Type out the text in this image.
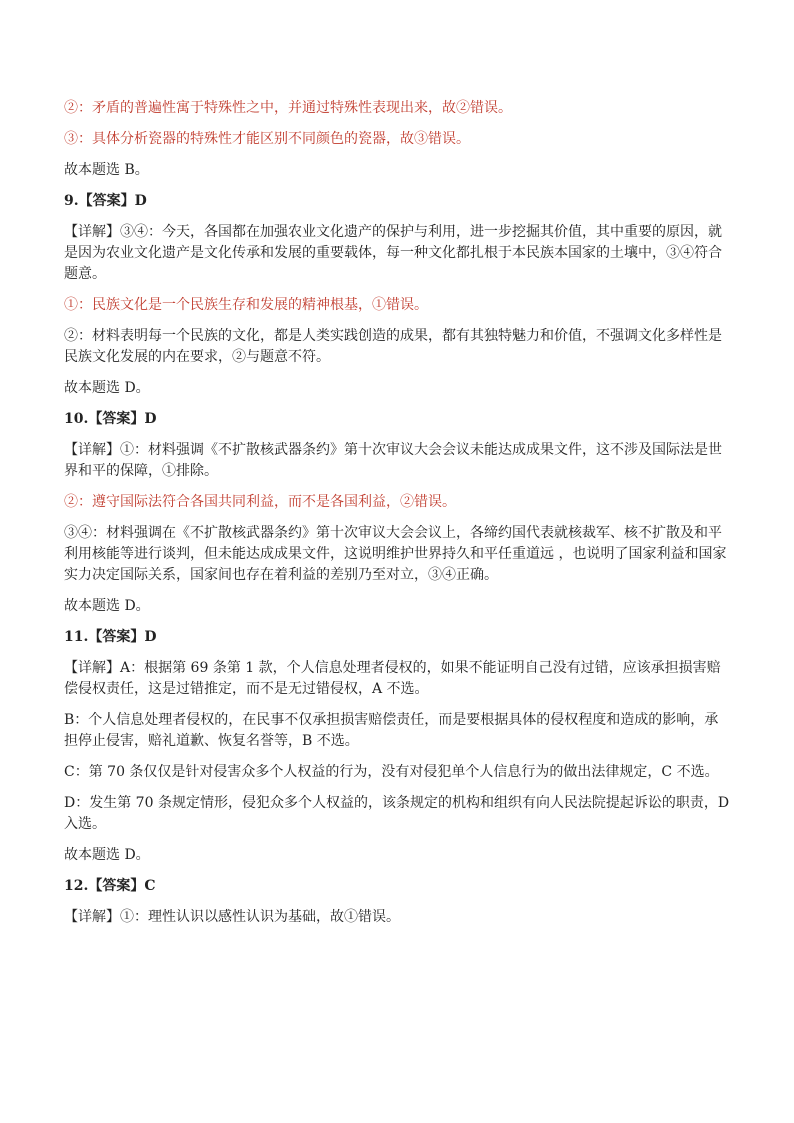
②：矛盾的普遍性寓于特殊性之中，并通过特殊性表现出来，故②错误。

③：具体分析瓷器的特殊性才能区别不同颜色的瓷器，故③错误。

故本题选 B。

9.【答案】D

【详解】③④：今天，各国都在加强农业文化遗产的保护与利用，进一步挖掘其价值，其中重要的原因，就是因为农业文化遗产是文化传承和发展的重要载体，每一种文化都扎根于本民族本国家的土壤中，③④符合题意。

①：民族文化是一个民族生存和发展的精神根基，①错误。

②：材料表明每一个民族的文化，都是人类实践创造的成果，都有其独特魅力和价值，不强调文化多样性是民族文化发展的内在要求，②与题意不符。

故本题选 D。

10.【答案】D

【详解】①：材料强调《不扩散核武器条约》第十次审议大会会议未能达成成果文件，这不涉及国际法是世界和平的保障，①排除。

②：遵守国际法符合各国共同利益，而不是各国利益，②错误。

③④：材料强调在《不扩散核武器条约》第十次审议大会会议上，各缔约国代表就核裁军、核不扩散及和平利用核能等进行谈判，但未能达成成果文件，这说明维护世界持久和平任重道远 ，也说明了国家利益和国家实力决定国际关系，国家间也存在着利益的差别乃至对立，③④正确。

故本题选 D。

11.【答案】D

【详解】A：根据第 69 条第 1 款，个人信息处理者侵权的，如果不能证明自己没有过错，应该承担损害赔偿侵权责任，这是过错推定，而不是无过错侵权，A 不选。

B：个人信息处理者侵权的，在民事不仅承担损害赔偿责任，而是要根据具体的侵权程度和造成的影响，承担停止侵害，赔礼道歉、恢复名誉等，B 不选。

C：第 70 条仅仅是针对侵害众多个人权益的行为，没有对侵犯单个人信息行为的做出法律规定，C 不选。

D：发生第 70 条规定情形，侵犯众多个人权益的，该条规定的机构和组织有向人民法院提起诉讼的职责，D 入选。

故本题选 D。

12.【答案】C

【详解】①：理性认识以感性认识为基础，故①错误。
